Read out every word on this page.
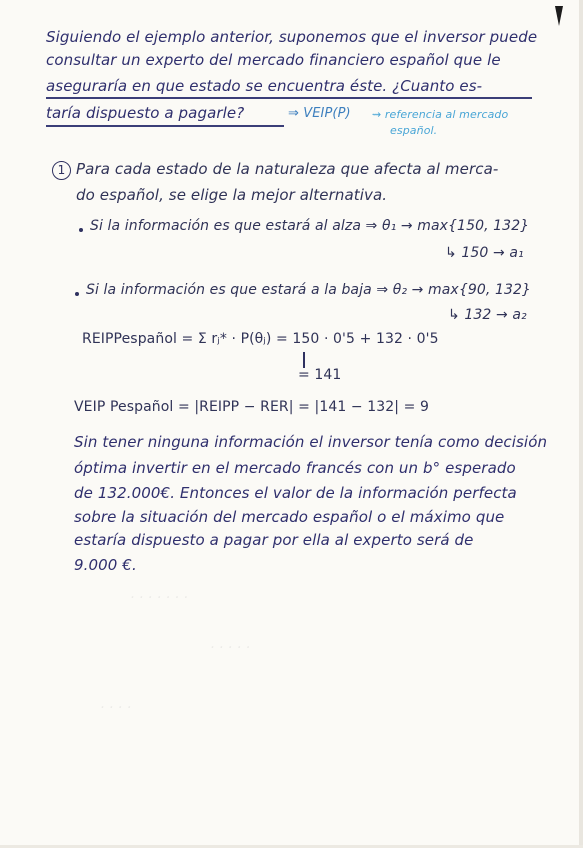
· · · · · · ·
· · · · ·
· · · ·
Siguiendo el ejemplo anterior, suponemos que el inversor puede
consultar un experto del mercado financiero español que le
aseguraría en que estado se encuentra éste. ¿Cuanto es-
taría dispuesto a pagarle?	⇒ VEIP(P) ⇝ referencia al mercado
español.
1 Para cada estado de la naturaleza que afecta al merca-
do español, se elige la mejor alternativa.
Si la información es que estará al alza ⇒ θ₁ → max{150, 132}
↳ 150 → a₁
Si la información es que estará a la baja ⇒ θ₂ → max{90, 132}
↳ 132 → a₂
REIPPespañol = Σ rⱼ* · P(θⱼ) = 150 · 0'5 + 132 · 0'5
= 141
VEIP Pespañol = |REIPP − RER| = |141 − 132| = 9
Sin tener ninguna información el inversor tenía como decisión
óptima invertir en el mercado francés con un b° esperado
de 132.000€. Entonces el valor de la información perfecta
sobre la situación del mercado español o el máximo que
estaría dispuesto a pagar por ella al experto será de
9.000 €.
